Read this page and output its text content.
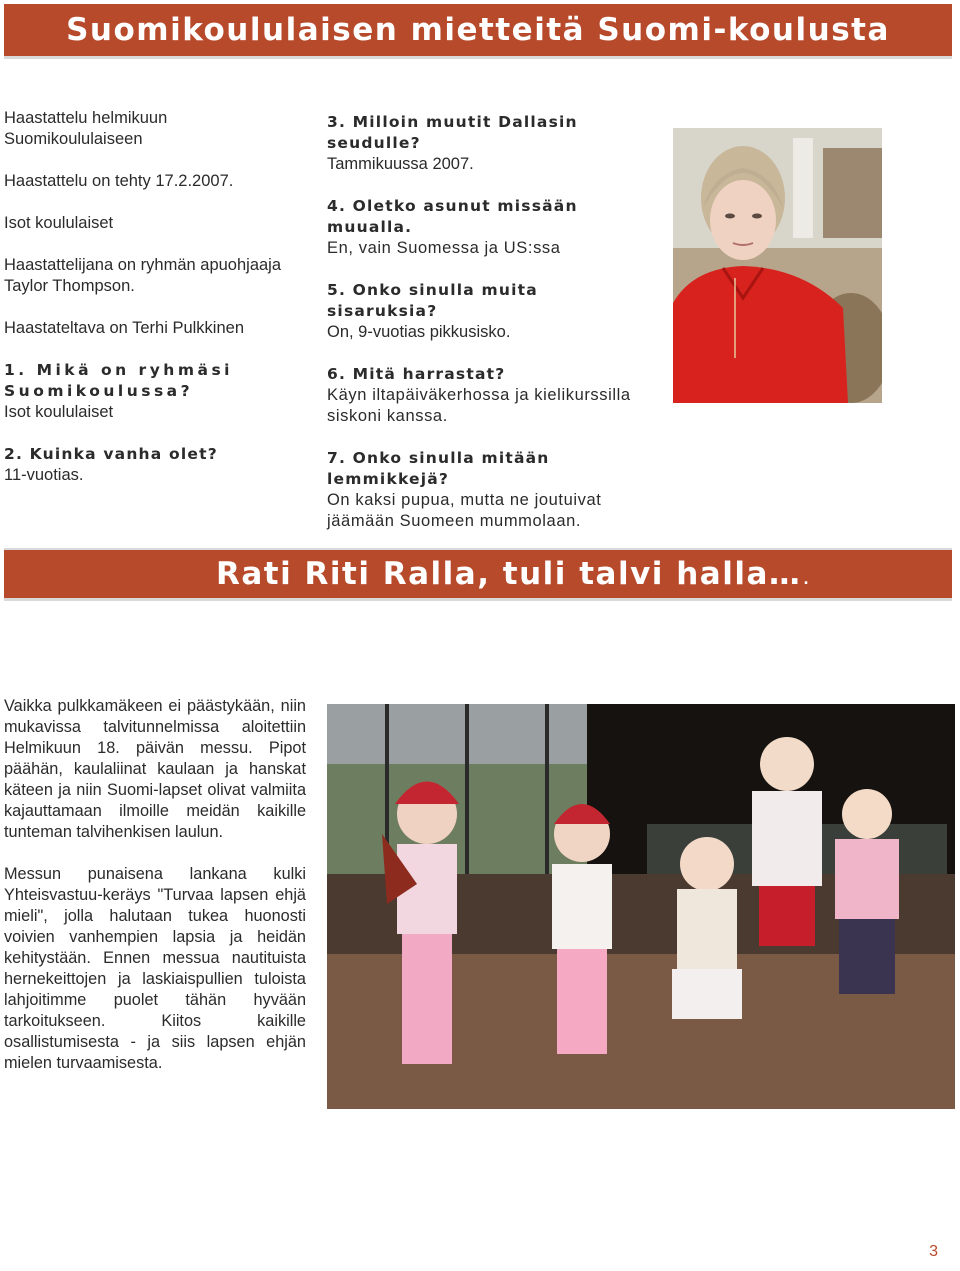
Suomikoululaisen mietteitä Suomi-koulusta

Haastattelu helmikuun Suomikoululaiseen

Haastattelu on tehty 17.2.2007.

Isot koululaiset

Haastattelijana on ryhmän apuohjaaja Taylor Thompson.

Haastateltava on Terhi Pulkkinen

1. Mikä on ryhmäsi Suomikoulussa?

Isot koululaiset

2. Kuinka vanha olet?

11-vuotias.

3. Milloin muutit Dallasin seudulle?

Tammikuussa 2007.

4. Oletko asunut missään muualla.

En, vain Suomessa ja US:ssa

5. Onko sinulla muita sisaruksia?

On, 9-vuotias pikkusisko.

6. Mitä harrastat?

Käyn iltapäiväkerhossa ja kielikurssilla siskoni kanssa.

7. Onko sinulla mitään lemmikkejä?

On kaksi pupua, mutta ne joutuivat jäämään Suomeen mummolaan.

Rati Riti Ralla, tuli talvi halla… .

Vaikka pulkkamäkeen ei päästykään, niin mukavissa talvitunnelmissa aloitettiin Helmikuun 18. päivän messu. Pipot päähän, kaulaliinat kaulaan ja hanskat käteen ja niin Suomi-lapset olivat valmiita kajauttamaan ilmoille meidän kaikille tunteman talvihenkisen laulun.

Messun punaisena lankana kulki Yhteisvastuu-keräys "Turvaa lapsen ehjä mieli", jolla halutaan tukea huonosti voivien vanhempien lapsia ja heidän kehitystään. Ennen messua nautituista hernekeittojen ja laskiaispullien tuloista lahjoitimme puolet tähän hyvään tarkoitukseen. Kiitos kaikille osallistumisesta - ja siis lapsen ehjän mielen turvaamisesta.

3
